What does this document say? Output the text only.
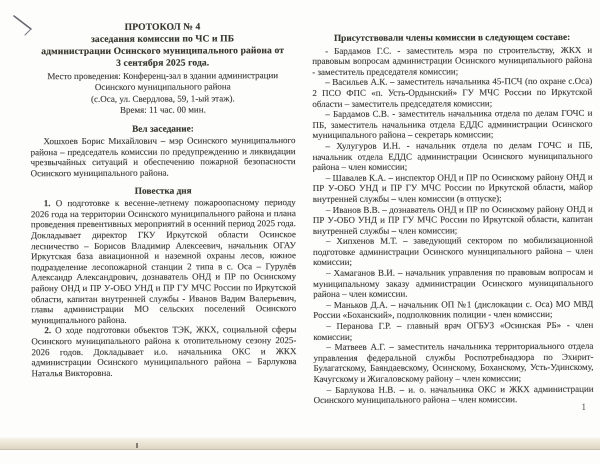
ПРОТОКОЛ № 4
заседания комиссии по ЧС и ПБ
администрации Осинского муниципального района от
3 сентября 2025 года.
Место проведения: Конференц-зал в здании администрации
Осинского муниципального района
(с.Оса, ул. Свердлова, 59, 1-ый этаж).
Время: 11 час. 00 мин.
Вел заседание:

Хошхоев Борис Михайлович – мэр Осинского муниципального района – председатель комиссии по предупреждению и ликвидации чрезвычайных ситуаций и обеспечению пожарной безопасности Осинского муниципального района.

Повестка дня

1. О подготовке к весенне-летнему пожароопасному периоду 2026 года на территории Осинского муниципального района и плана проведения превентивных мероприятий в осенний период 2025 года. Докладывает директор ГКУ Иркутской области Осинское лесничество – Борисов Владимир Алексеевич, начальник ОГАУ Иркутская база авиационной и наземной охраны лесов, южное подразделение лесопожарной станции 2 типа в с. Оса – Гурулёв Александр Александрович, дознаватель ОНД и ПР по Осинскому району ОНД и ПР У-ОБО УНД и ПР ГУ МЧС России по Иркутской области, капитан внутренней службы - Иванов Вадим Валерьевич, главы администрации МО сельских поселений Осинского муниципального района.

2. О ходе подготовки объектов ТЭК, ЖКХ, социальной сферы Осинского муниципального района к отопительному сезону 2025-2026 годов. Докладывает и.о. начальника ОКС и ЖКХ администрации Осинского муниципального района – Барлукова Наталья Викторовна.

Присутствовали члены комиссии в следующем составе:

- Бардамов Г.С. - заместитель мэра по строительству, ЖКХ и правовым вопросам администрации Осинского муниципального района - заместитель председателя комиссии;

– Васильев А.К. – заместитель начальника 45-ПСЧ (по охране с.Оса) 2 ПСО ФПС «п. Усть-Ордынский» ГУ МЧС России по Иркутской области – заместитель председателя комиссии;

– Бардамов С.В. - заместитель начальника отдела по делам ГОЧС и ПБ, заместитель начальника отдела ЕДДС администрации Осинского муниципального района – секретарь комиссии;

– Хулугуров И.Н. - начальник отдела по делам ГОЧС и ПБ, начальник отдела ЕДДС администрации Осинского муниципального района – член комиссии;

– Шавалев К.А. – инспектор ОНД и ПР по Осинскому району ОНД и ПР У-ОБО УНД и ПР ГУ МЧС России по Иркутской области, майор внутренней службы – член комиссии (в отпуске);

– Иванов В.В. – дознаватель ОНД и ПР по Осинскому району ОНД и ПР У-ОБО УНД и ПР ГУ МЧС России по Иркутской области, капитан внутренней службы – член комиссии;

– Хипхенов М.Т. – заведующий сектором по мобилизационной подготовке администрации Осинского муниципального района – член комиссии;

– Хамаганов В.И. – начальник управления по правовым вопросам и муниципальному заказу администрации Осинского муниципального района – член комиссии.

– Маньков Д.А. – начальник ОП №1 (дислокации с. Оса) МО МВД России «Боханский», подполковник полиции - член комиссии;

– Перанова Г.Р. – главный врач ОГБУЗ «Осинская РБ» - член комиссии;

– Матвеев А.Г. – заместитель начальника территориального отдела управления федеральной службы Роспотребнадзора по Эхирит-Булагатскому, Баяндаевскому, Осинскому, Боханскому, Усть-Удинскому, Качугскому и Жигаловскому району – член комиссии;

– Барлукова Н.В. – и. о. начальника ОКС и ЖКХ администрации Осинского муниципального района – член комиссии.

1
